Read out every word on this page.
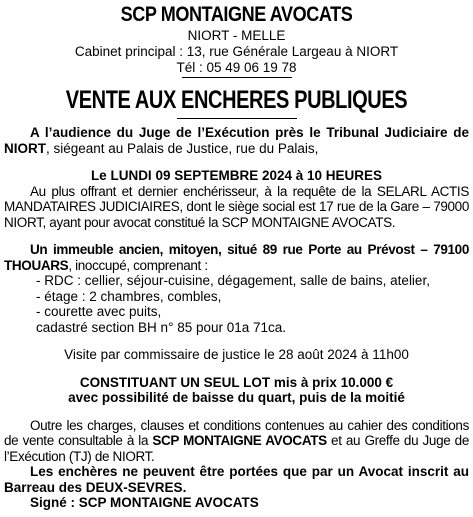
SCP MONTAIGNE AVOCATS

NIORT - MELLE

Cabinet principal : 13, rue Générale Largeau à NIORT

Tél : 05 49 06 19 78

VENTE AUX ENCHERES PUBLIQUES

A l’audience du Juge de l’Exécution près le Tribunal Judiciaire de NIORT, siégeant au Palais de Justice, rue du Palais,

Le LUNDI 09 SEPTEMBRE 2024 à 10 HEURES

Au plus offrant et dernier enchérisseur, à la requête de la SELARL ACTIS MANDATAIRES JUDICIAIRES, dont le siège social est 17 rue de la Gare – 79000 NIORT, ayant pour avocat constitué la SCP MONTAIGNE AVOCATS.

Un immeuble ancien, mitoyen, situé 89 rue Porte au Prévost – 79100 THOUARS, inoccupé, comprenant :

- RDC : cellier, séjour-cuisine, dégagement, salle de bains, atelier,

- étage : 2 chambres, combles,

- courette avec puits,

cadastré section BH n° 85 pour 01a 71ca.

Visite par commissaire de justice le 28 août 2024 à 11h00

CONSTITUANT UN SEUL LOT mis à prix 10.000 €

avec possibilité de baisse du quart, puis de la moitié

Outre les charges, clauses et conditions contenues au cahier des conditions de vente consultable à la SCP MONTAIGNE AVOCATS et au Greffe du Juge de l’Exécution (TJ) de NIORT.

Les enchères ne peuvent être portées que par un Avocat inscrit au Barreau des DEUX-SEVRES.

Signé : SCP MONTAIGNE AVOCATS
